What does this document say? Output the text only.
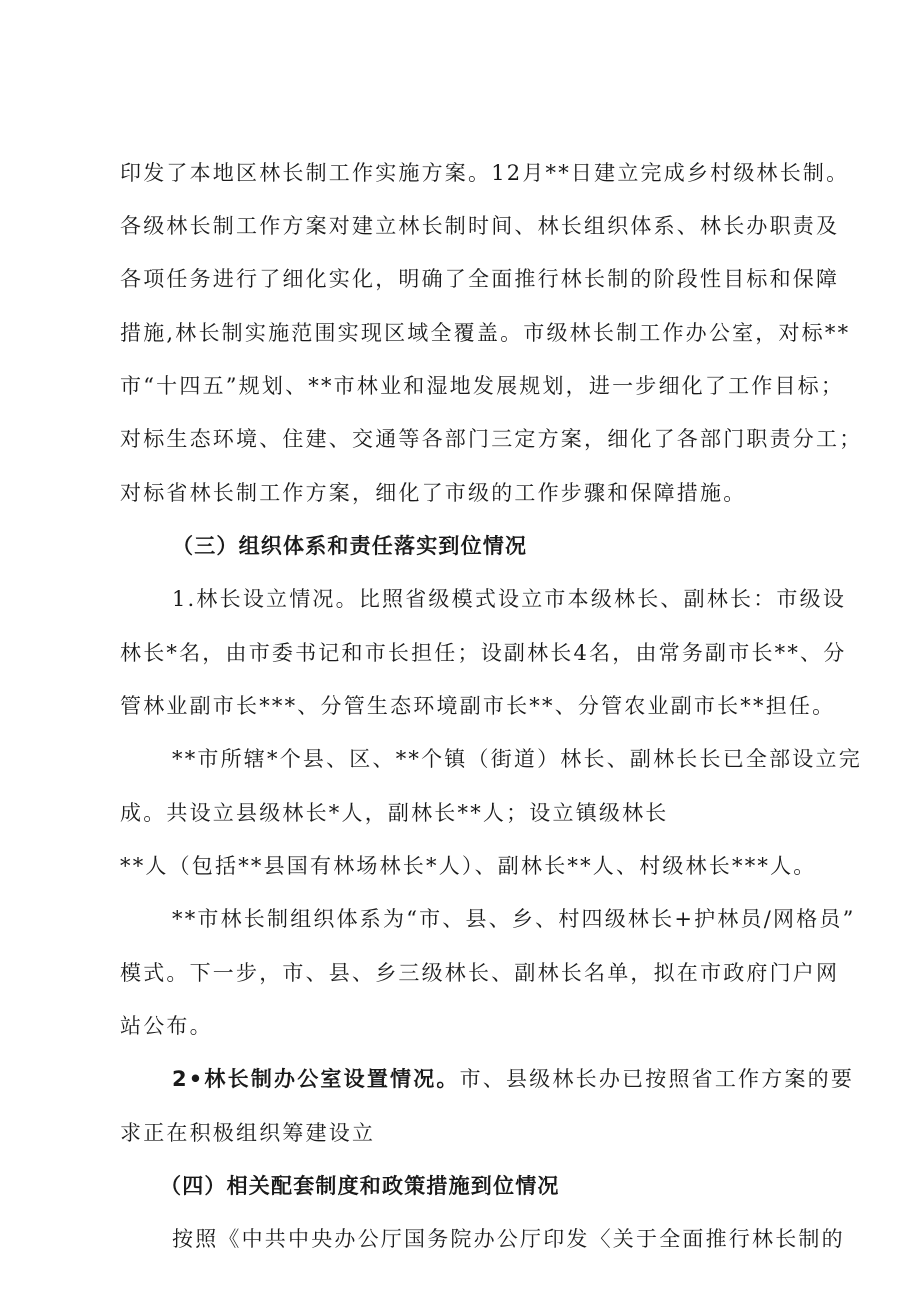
印发了本地区林长制工作实施方案。12月**日建立完成乡村级林长制。
各级林长制工作方案对建立林长制时间、林长组织体系、林长办职责及
各项任务进行了细化实化，明确了全面推行林长制的阶段性目标和保障
措施,林长制实施范围实现区域全覆盖。市级林长制工作办公室，对标**
市“十四五”规划、**市林业和湿地发展规划，进一步细化了工作目标；
对标生态环境、住建、交通等各部门三定方案，细化了各部门职责分工；
对标省林长制工作方案，细化了市级的工作步骤和保障措施。
（三）组织体系和责任落实到位情况
1.林长设立情况。比照省级模式设立市本级林长、副林长：市级设
林长*名，由市委书记和市长担任；设副林长4名，由常务副市长**、分
管林业副市长***、分管生态环境副市长**、分管农业副市长**担任。
**市所辖*个县、区、**个镇（街道）林长、副林长长已全部设立完
成。共设立县级林长*人，副林长**人；设立镇级林长
**人（包括**县国有林场林长*人）、副林长**人、村级林长***人。
**市林长制组织体系为“市、县、乡、村四级林长+护林员/网格员”
模式。下一步，市、县、乡三级林长、副林长名单，拟在市政府门户网
站公布。
2•林长制办公室设置情况。市、县级林长办已按照省工作方案的要
求正在积极组织筹建设立
（四）相关配套制度和政策措施到位情况
按照《中共中央办公厅国务院办公厅印发〈关于全面推行林长制的
